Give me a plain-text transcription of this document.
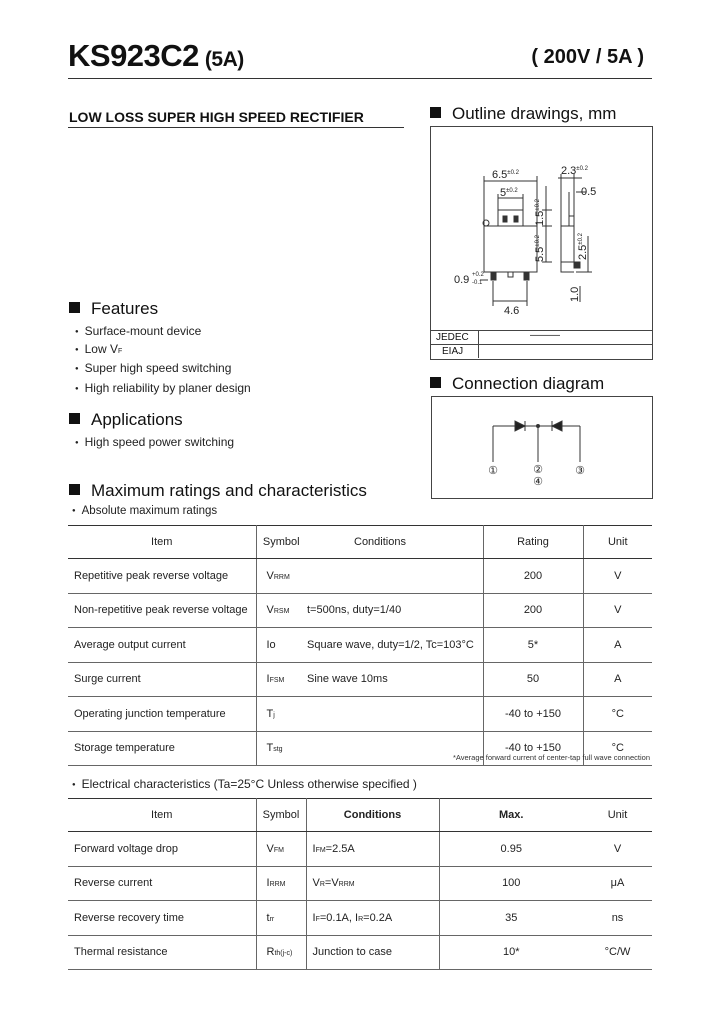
KS923C2 (5A)	( 200V / 5A )
LOW LOSS SUPER HIGH SPEED RECTIFIER	Outline drawings, mm
$6.5^{\pm 0.2}$
$5^{\pm 0.2}$
$2.3^{\pm 0.2}$
0.5
$1.5^{\pm 0.2}$
$5.5^{\pm 0.2}$
$2.5^{\pm 0.2}$
0.9 +0.2
-0.1
4.6
1.0
JEDEC	———
EIAJ
Features
● Surface-mount device
● Low VF
● Super high speed switching
● High reliability by planer design
Applications
● High speed power switching
Connection diagram
①	②
④
③
Maximum ratings and characteristics
● Absolute maximum ratings
Item	Symbol	Conditions	Rating	Unit
Repetitive peak reverse voltage	VRRM		200	V
Non-repetitive peak reverse voltage	VRSM	t=500ns, duty=1/40	200	V
Average output current	Io	Square wave, duty=1/2, Tc=103°C	5*	A
Surge current	IFSM	Sine wave 10ms	50	A
Operating junction temperature	Tj		-40 to +150	°C
Storage temperature	Tstg		-40 to +150	°C
*Average forward current of center-tap full wave connection
● Electrical characteristics (Ta=25°C Unless otherwise specified )
Item	Symbol	Conditions	Max.	Unit
Forward voltage drop	VFM	IFM=2.5A	0.95	V
Reverse current	IRRM	VR=VRRM	100	μA
Reverse recovery time	trr	IF=0.1A, IR=0.2A	35	ns
Thermal resistance	Rth(j-c)	Junction to case	10*	°C/W
